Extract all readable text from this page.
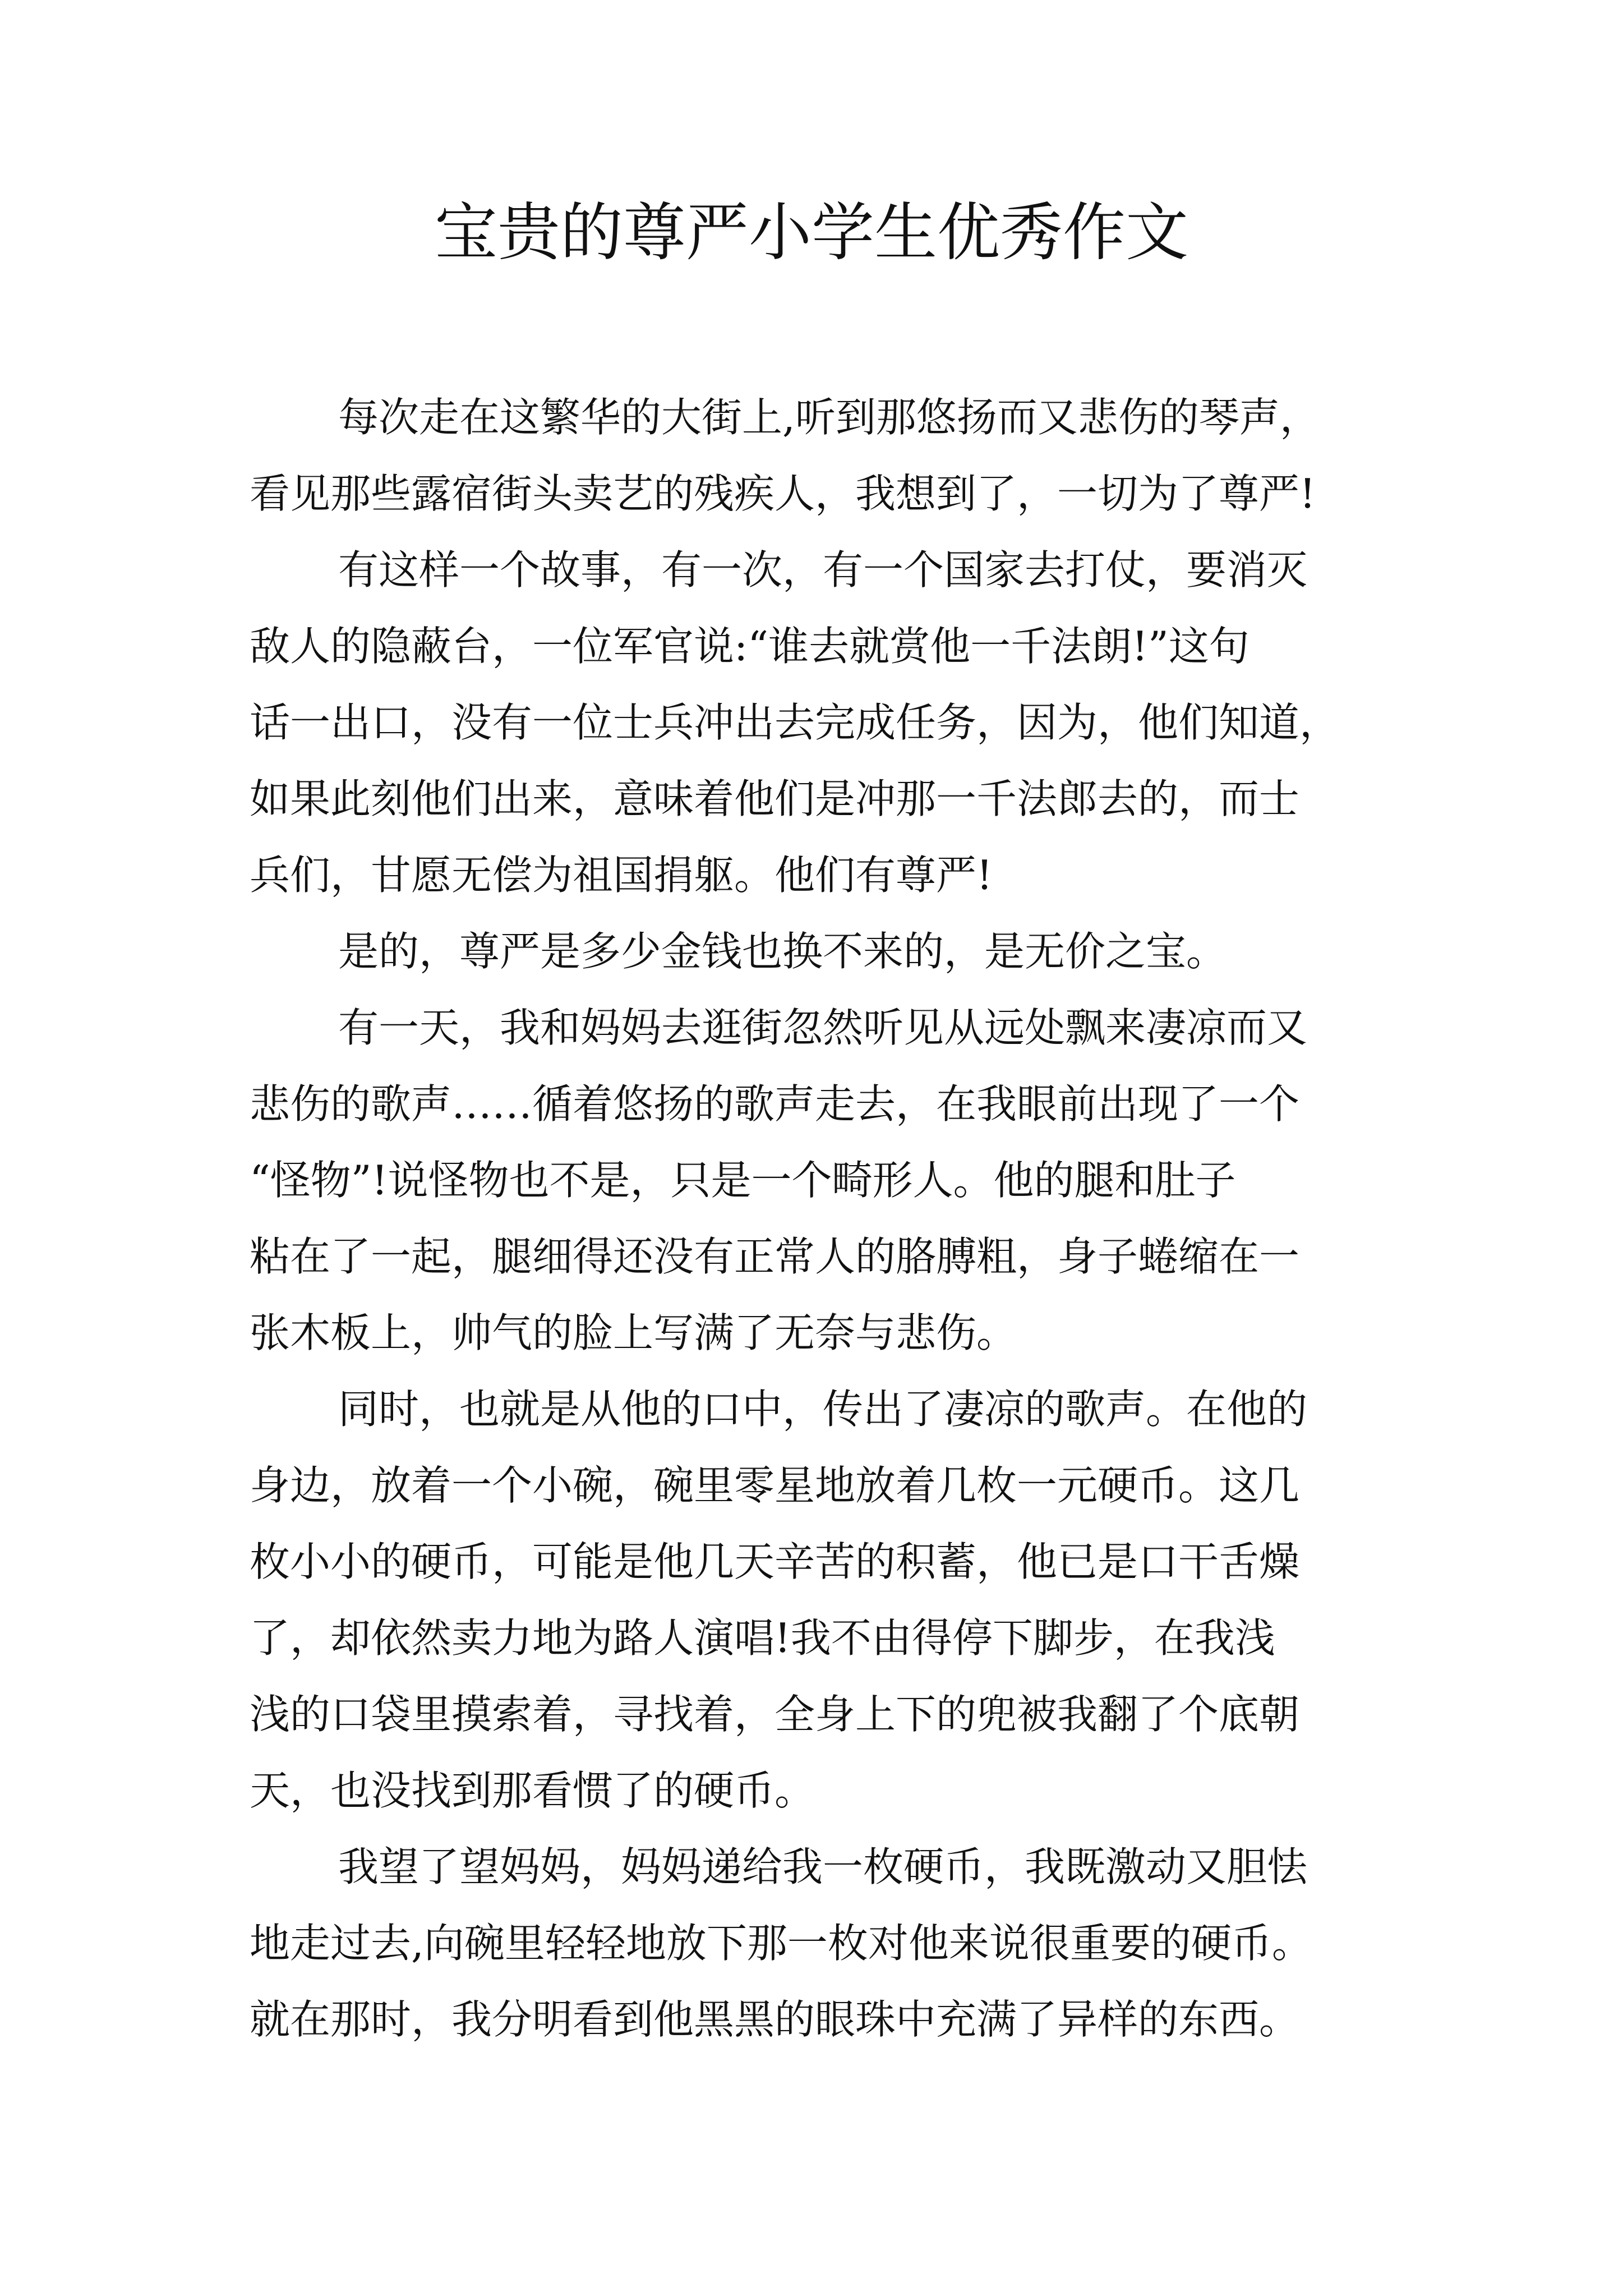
宝贵的尊严小学生优秀作文
每次走在这繁华的大街上,听到那悠扬而又悲伤的琴声，
看见那些露宿街头卖艺的残疾人，我想到了，一切为了尊严!
有这样一个故事，有一次，有一个国家去打仗，要消灭
敌人的隐蔽台，一位军官说:“谁去就赏他一千法朗!”这句
话一出口，没有一位士兵冲出去完成任务，因为，他们知道，
如果此刻他们出来，意味着他们是冲那一千法郎去的，而士
兵们，甘愿无偿为祖国捐躯。他们有尊严!
是的，尊严是多少金钱也换不来的，是无价之宝。
有一天，我和妈妈去逛街忽然听见从远处飘来凄凉而又
悲伤的歌声……循着悠扬的歌声走去，在我眼前出现了一个
“怪物”!说怪物也不是，只是一个畸形人。他的腿和肚子
粘在了一起，腿细得还没有正常人的胳膊粗，身子蜷缩在一
张木板上，帅气的脸上写满了无奈与悲伤。
同时，也就是从他的口中，传出了凄凉的歌声。在他的
身边，放着一个小碗，碗里零星地放着几枚一元硬币。这几
枚小小的硬币，可能是他几天辛苦的积蓄，他已是口干舌燥
了，却依然卖力地为路人演唱!我不由得停下脚步，在我浅
浅的口袋里摸索着，寻找着，全身上下的兜被我翻了个底朝
天，也没找到那看惯了的硬币。
我望了望妈妈，妈妈递给我一枚硬币，我既激动又胆怯
地走过去,向碗里轻轻地放下那一枚对他来说很重要的硬币。
就在那时，我分明看到他黑黑的眼珠中充满了异样的东西。
